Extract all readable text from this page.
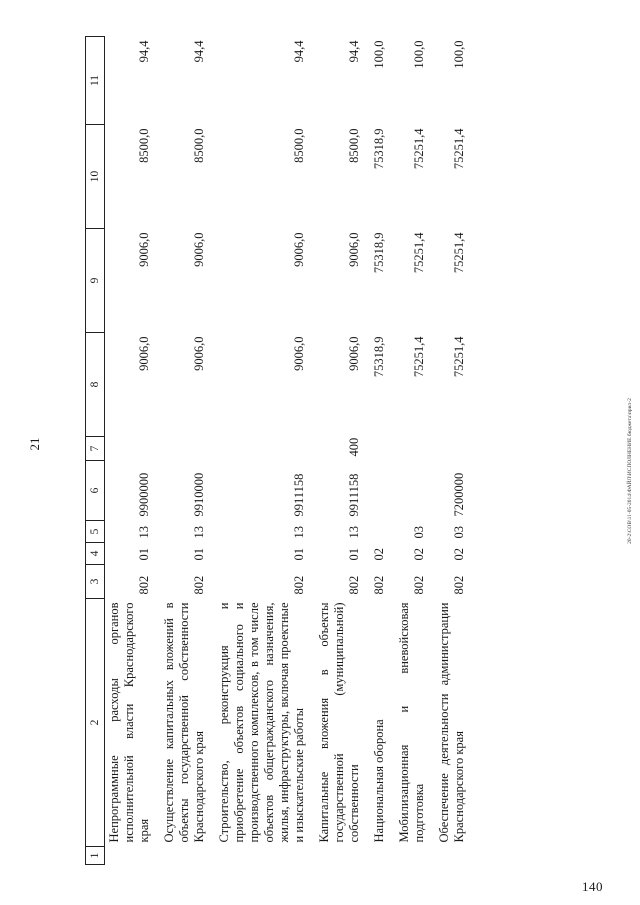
21
1	2	3	4	5	6	7	8	9	10	11
	Непрограммные расходы органов исполнительной власти Краснодарского края	802	01	13	9900000		9006,0	9006,0	8500,0	94,4
	Осуществление капитальных вложений в объекты государственной собственности Краснодарского края	802	01	13	9910000		9006,0	9006,0	8500,0	94,4
	Строительство, реконструкция и приобретение объектов социального и производственного комплексов, в том числе объектов общегражданского назначения, жилья, инфраструктуры, включая проектные и изыскательские работы	802	01	13	9911158		9006,0	9006,0	8500,0	94,4
	Капитальные вложения в объекты государственной (муниципальной) собственности	802	01	13	9911158	400	9006,0	9006,0	8500,0	94,4
	Национальная оборона	802	02				75318,9	75318,9	75318,9	100,0
	Мобилизационная и вневойсковая подготовка	802	02	03			75251,4	75251,4	75251,4	100,0
	Обеспечение деятельности администрации Краснодарского края	802	02	03	7200000		75251,4	75251,4	75251,4	100,0
20-2\СОВ\11-05-2014\ФАЙЛ\ИСПОЛНЕНИЕ бюджета\прил-2
140
